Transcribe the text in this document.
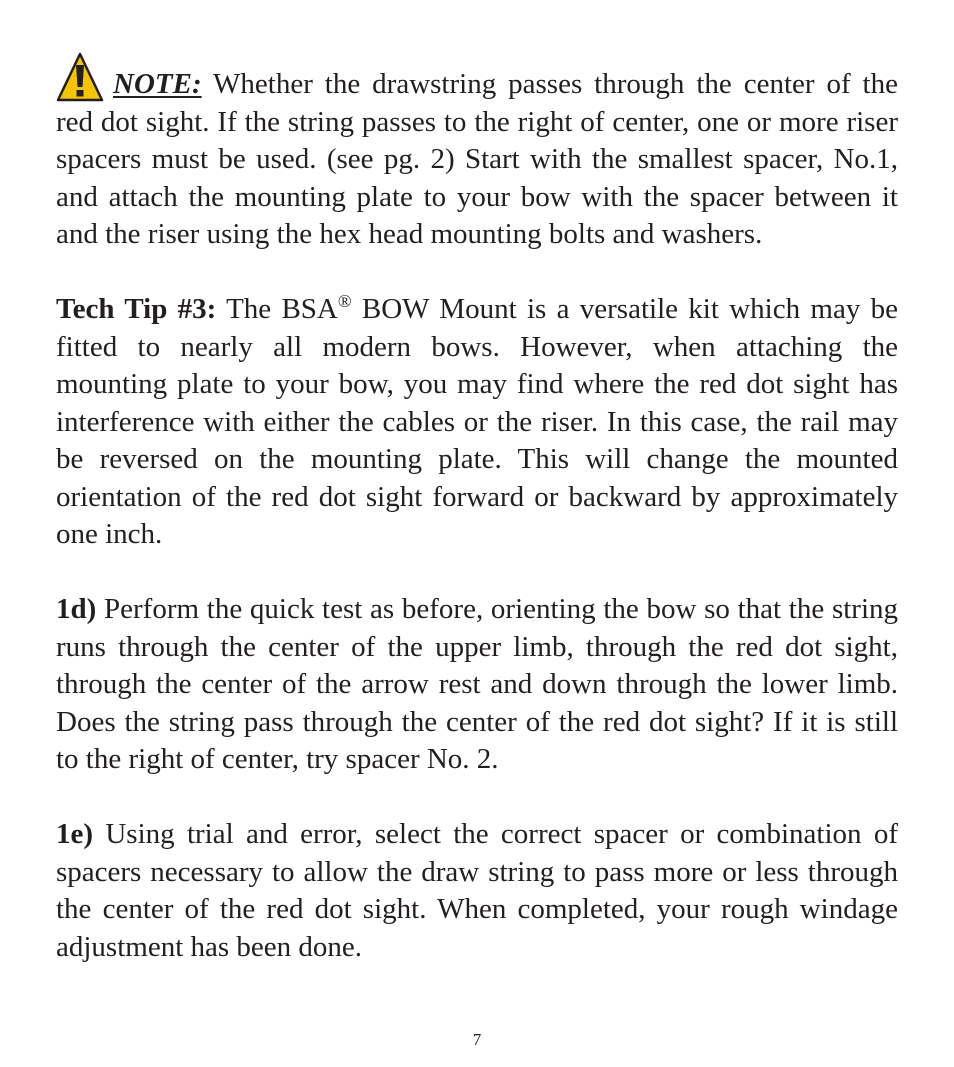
NOTE: Whether the drawstring passes through the center of the red dot sight. If the string passes to the right of center, one or more riser spacers must be used. (see pg. 2) Start with the smallest spacer, No.1, and attach the mounting plate to your bow with the spacer between it and the riser using the hex head mounting bolts and washers.

Tech Tip #3: The BSA® BOW Mount is a versatile kit which may be fitted to nearly all modern bows. However, when attaching the mounting plate to your bow, you may find where the red dot sight has interference with either the cables or the riser. In this case, the rail may be reversed on the mounting plate. This will change the mounted orientation of the red dot sight forward or backward by approximately one inch.

1d) Perform the quick test as before, orienting the bow so that the string runs through the center of the upper limb, through the red dot sight, through the center of the arrow rest and down through the lower limb. Does the string pass through the center of the red dot sight? If it is still to the right of center, try spacer No. 2.

1e) Using trial and error, select the correct spacer or combination of spacers necessary to allow the draw string to pass more or less through the center of the red dot sight. When completed, your rough windage adjustment has been done.

7
